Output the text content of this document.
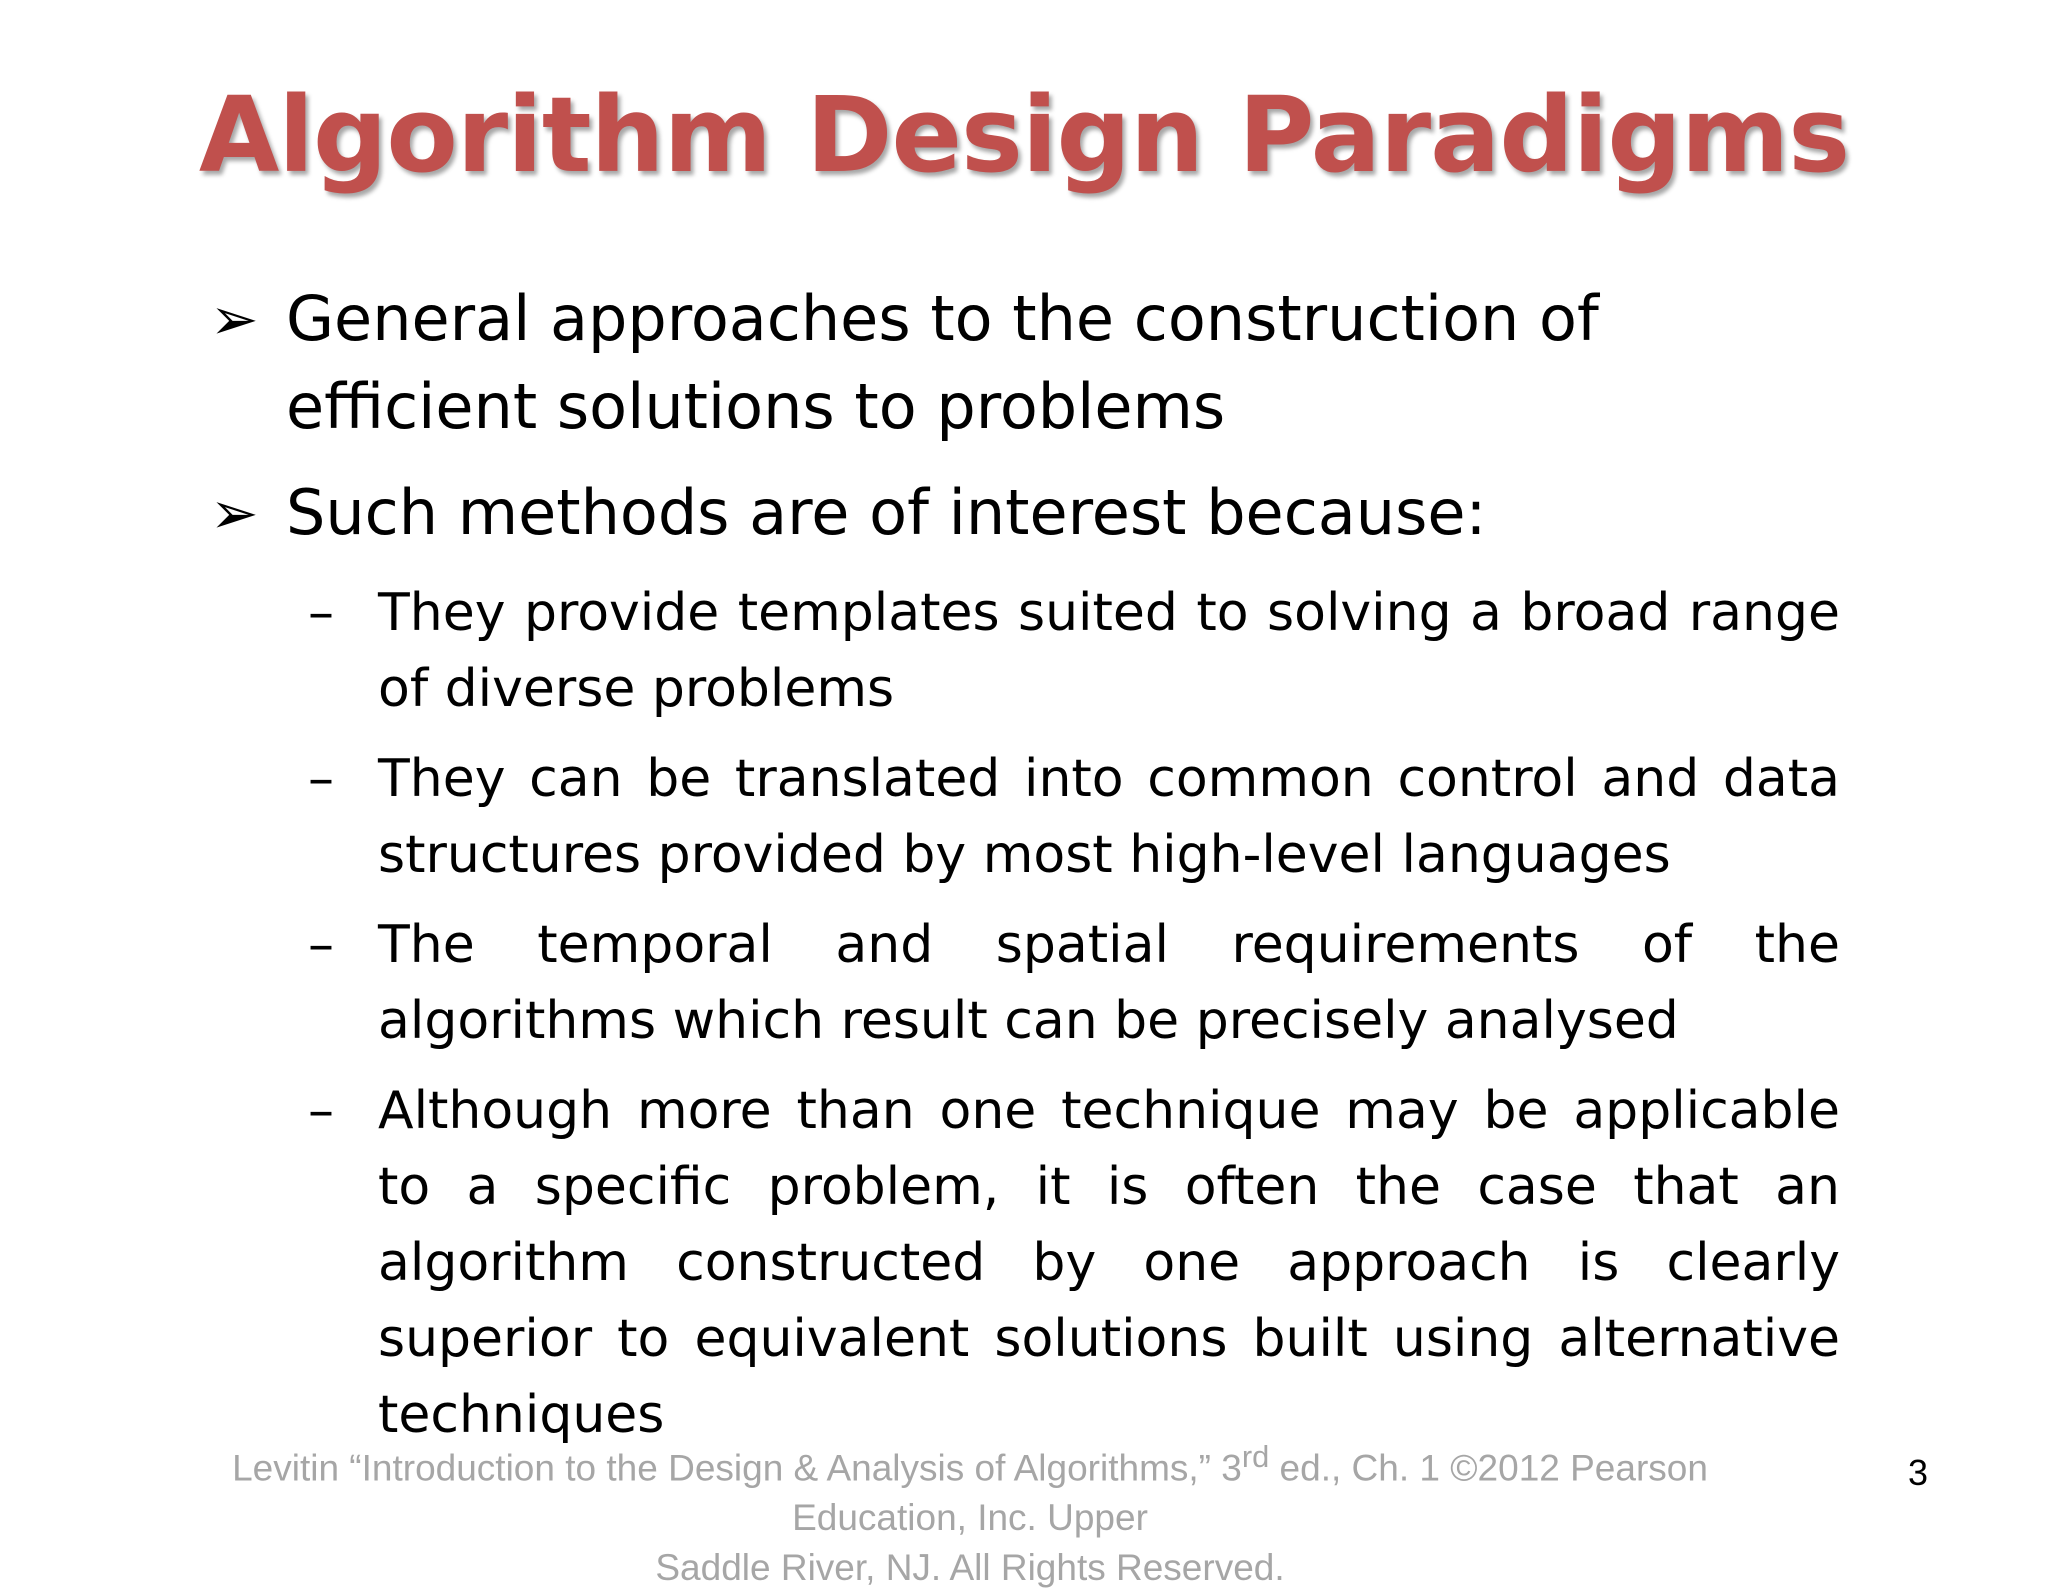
Algorithm Design Paradigms
➢ General approaches to the construction of efficient solutions to problems
➢ Such methods are of interest because:
– They provide templates suited to solving a broad range of diverse problems
– They can be translated into common control and data structures provided by most high-level languages
– The temporal and spatial requirements of the algorithms which result can be precisely analysed
– Although more than one technique may be applicable to a specific problem, it is often the case that an algorithm constructed by one approach is clearly superior to equivalent solutions built using alternative techniques
Levitin “Introduction to the Design & Analysis of Algorithms,” 3rd ed., Ch. 1 ©2012 Pearson Education, Inc. Upper
Saddle River, NJ. All Rights Reserved.
3
